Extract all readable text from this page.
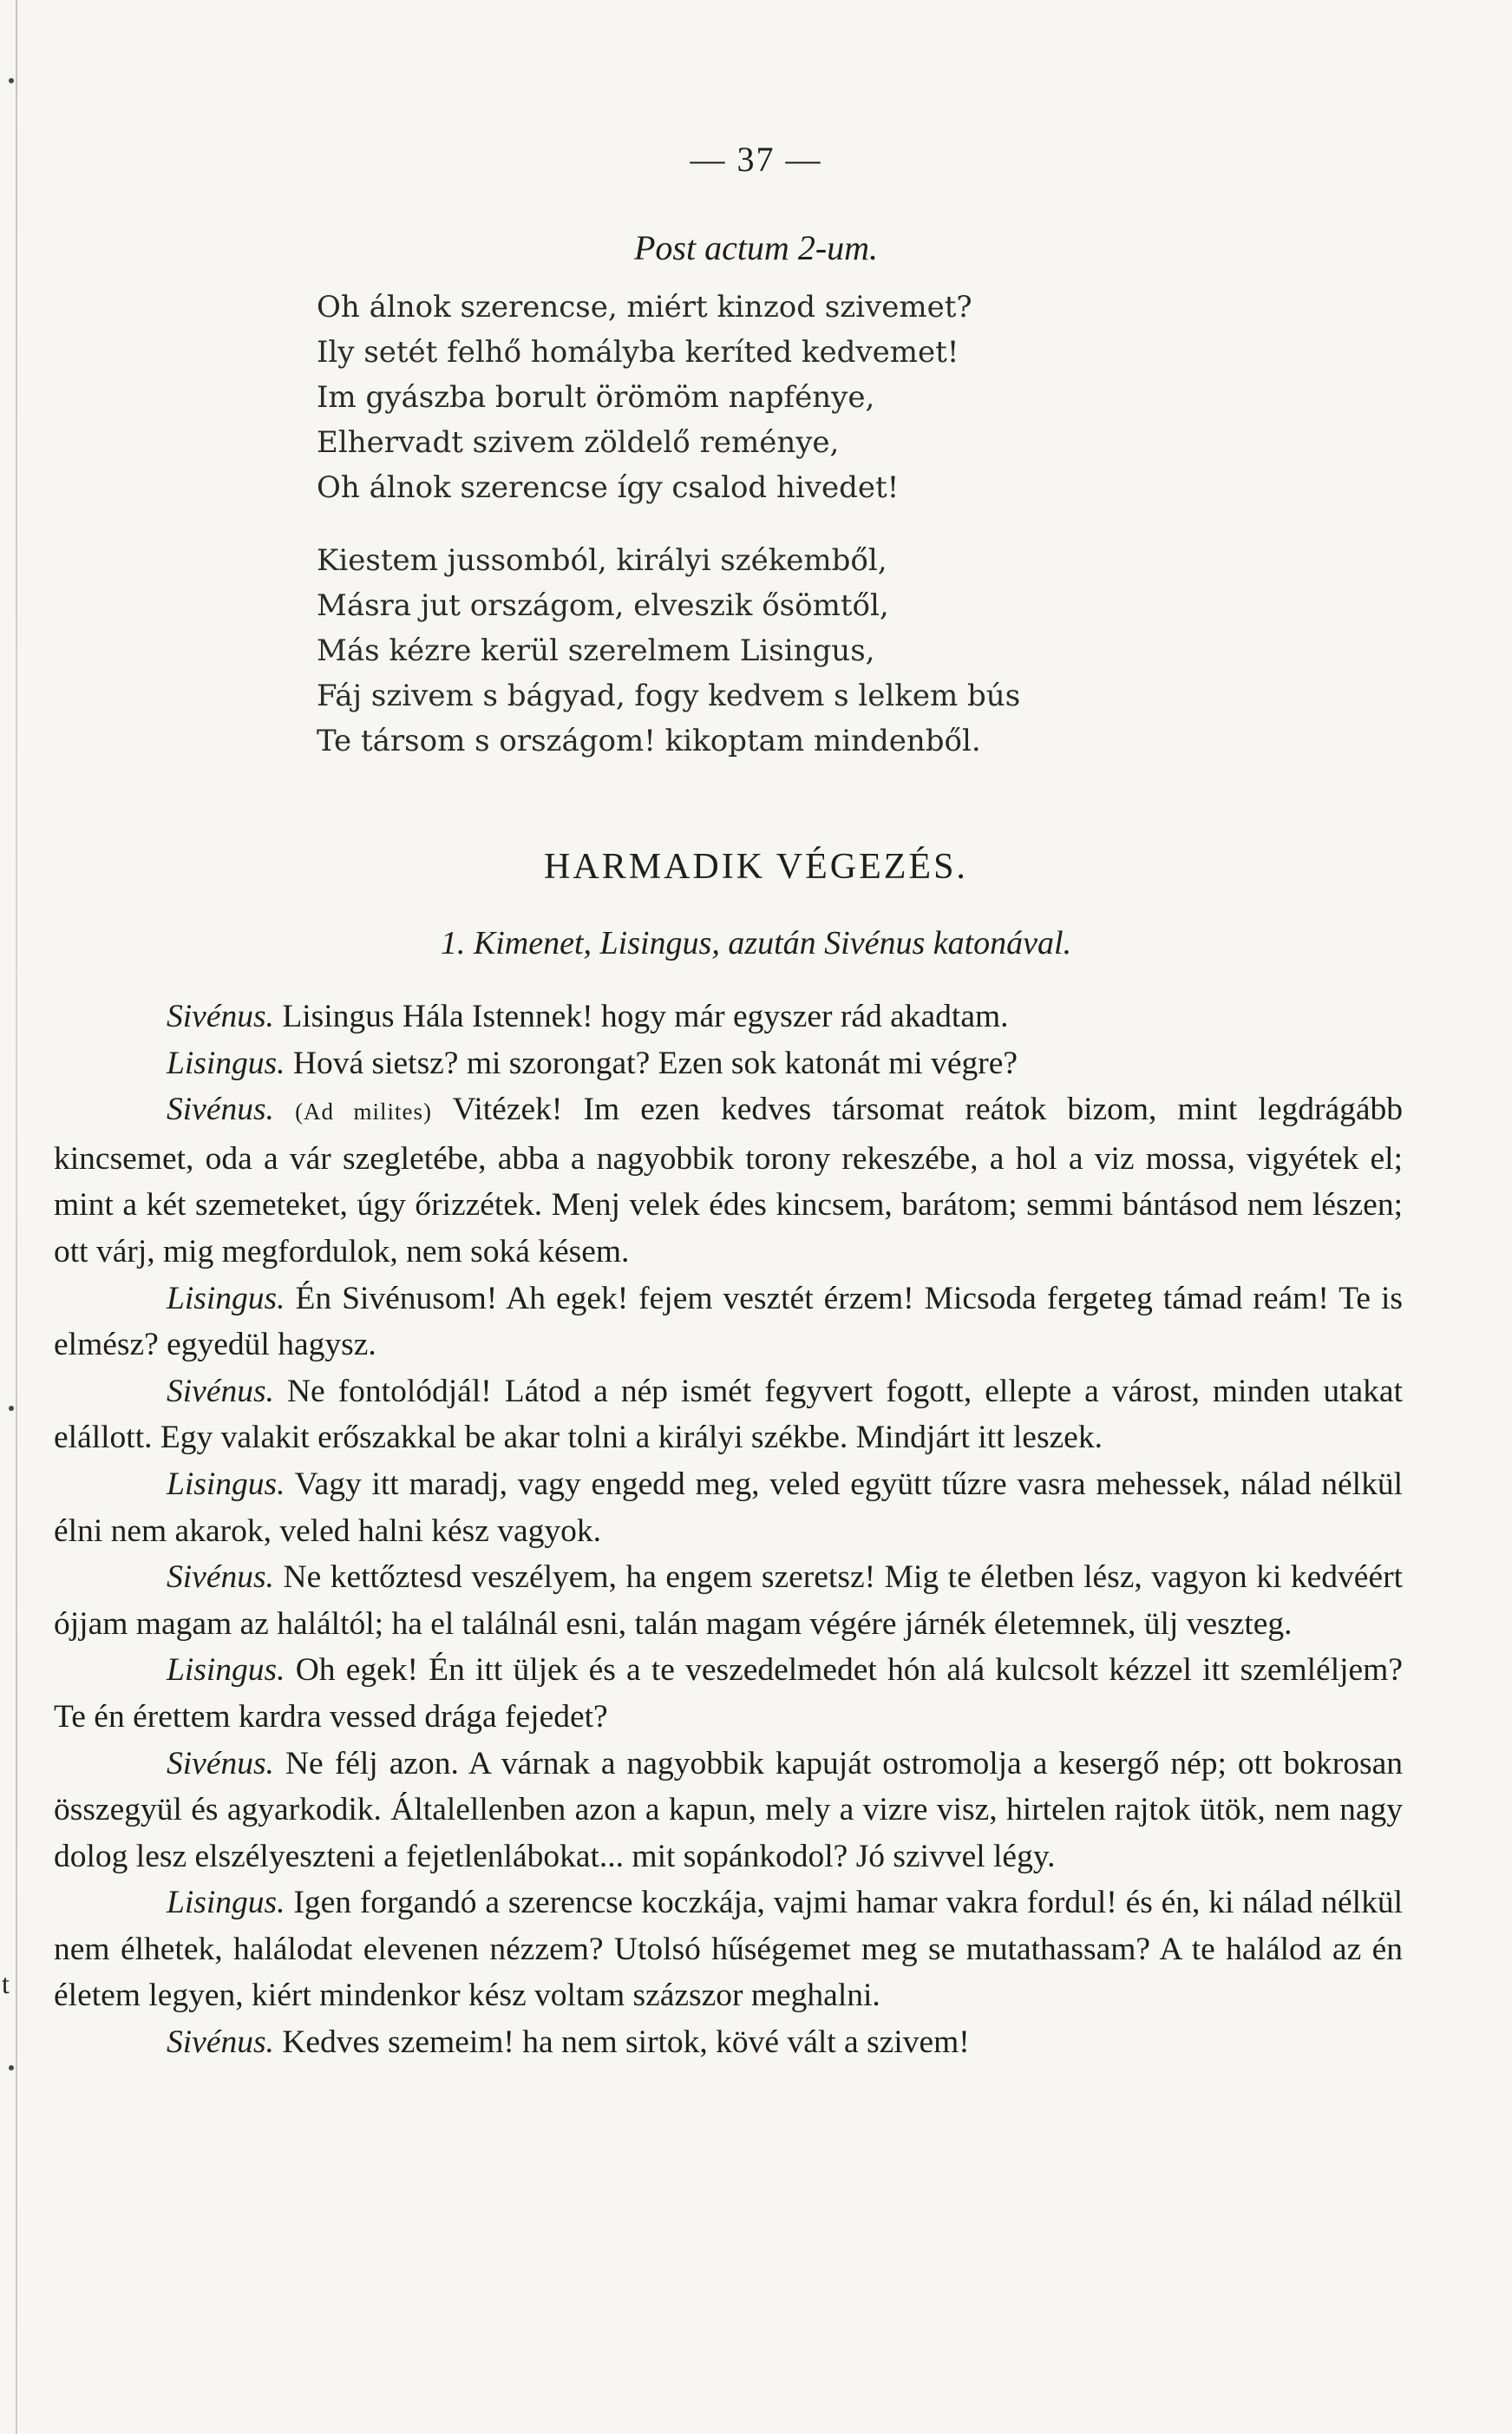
t
— 37 —
Post actum 2-um.
Oh álnok szerencse, miért kinzod szivemet?
Ily setét felhő homályba keríted kedvemet!
Im gyászba borult örömöm napfénye,
Elhervadt szivem zöldelő reménye,
Oh álnok szerencse így csalod hivedet!
Kiestem jussomból, királyi székemből,
Másra jut országom, elveszik ősömtől,
Más kézre kerül szerelmem Lisingus,
Fáj szivem s bágyad, fogy kedvem s lelkem bús
Te társom s országom! kikoptam mindenből.
HARMADIK VÉGEZÉS.
1. Kimenet, Lisingus, azután Sivénus katonával.

Sivénus. Lisingus Hála Istennek! hogy már egyszer rád akadtam.

Lisingus. Hová sietsz? mi szorongat? Ezen sok katonát mi végre?

Sivénus. (Ad milites) Vitézek! Im ezen kedves társomat reátok bizom, mint legdrágább kincsemet, oda a vár szegletébe, abba a nagyobbik torony rekeszébe, a hol a viz mossa, vigyétek el; mint a két szemeteket, úgy őrizzétek. Menj velek édes kincsem, barátom; semmi bántásod nem lészen; ott várj, mig megfordulok, nem soká késem.

Lisingus. Én Sivénusom! Ah egek! fejem vesztét érzem! Micsoda fergeteg támad reám! Te is elmész? egyedül hagysz.

Sivénus. Ne fontolódjál! Látod a nép ismét fegyvert fogott, ellepte a várost, minden utakat elállott. Egy valakit erőszakkal be akar tolni a királyi székbe. Mindjárt itt leszek.

Lisingus. Vagy itt maradj, vagy engedd meg, veled együtt tűzre vasra mehessek, nálad nélkül élni nem akarok, veled halni kész vagyok.

Sivénus. Ne kettőztesd veszélyem, ha engem szeretsz! Mig te életben lész, vagyon ki kedvéért ójjam magam az haláltól; ha el találnál esni, talán magam végére járnék életemnek, ülj veszteg.

Lisingus. Oh egek! Én itt üljek és a te veszedelmedet hón alá kulcsolt kézzel itt szemléljem? Te én érettem kardra vessed drága fejedet?

Sivénus. Ne félj azon. A várnak a nagyobbik kapuját ostromolja a kesergő nép; ott bokrosan összegyül és agyarkodik. Általellenben azon a kapun, mely a vizre visz, hirtelen rajtok ütök, nem nagy dolog lesz elszélyeszteni a fejetlenlábokat... mit sopánkodol? Jó szivvel légy.

Lisingus. Igen forgandó a szerencse koczkája, vajmi hamar vakra fordul! és én, ki nálad nélkül nem élhetek, halálodat elevenen nézzem? Utolsó hűségemet meg se mutathassam? A te halálod az én életem legyen, kiért mindenkor kész voltam százszor meghalni.

Sivénus. Kedves szemeim! ha nem sirtok, kövé vált a szivem!
